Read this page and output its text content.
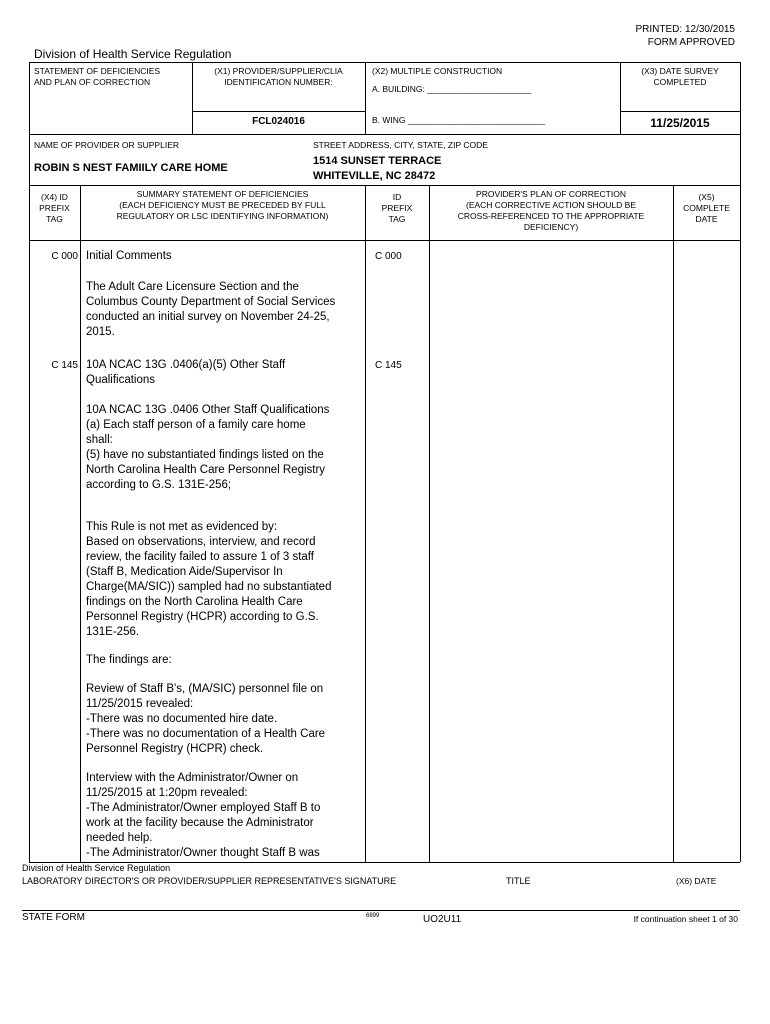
PRINTED: 12/30/2015
FORM APPROVED
Division of Health Service Regulation
STATEMENT OF DEFICIENCIES
AND PLAN OF CORRECTION
(X1) PROVIDER/SUPPLIER/CLIA
IDENTIFICATION NUMBER:
FCL024016
(X2) MULTIPLE CONSTRUCTION
A. BUILDING: ______________________
B. WING _____________________________
(X3) DATE SURVEY
COMPLETED
11/25/2015
NAME OF PROVIDER OR SUPPLIER
ROBIN S NEST FAMIILY CARE HOME
STREET ADDRESS, CITY, STATE, ZIP CODE
1514 SUNSET TERRACE
WHITEVILLE, NC 28472
(X4) ID
PREFIX
TAG
SUMMARY STATEMENT OF DEFICIENCIES
(EACH DEFICIENCY MUST BE PRECEDED BY FULL
REGULATORY OR LSC IDENTIFYING INFORMATION)
ID
PREFIX
TAG
PROVIDER'S PLAN OF CORRECTION
(EACH CORRECTIVE ACTION SHOULD BE
CROSS-REFERENCED TO THE APPROPRIATE
DEFICIENCY)
(X5)
COMPLETE
DATE
C 000	C 000
Initial Comments
The Adult Care Licensure Section and the
Columbus County Department of Social Services
conducted an initial survey on November 24-25,
2015.
C 145	C 145
10A NCAC 13G .0406(a)(5) Other Staff
Qualifications
10A NCAC 13G .0406 Other Staff Qualifications
(a) Each staff person of a family care home
shall:
(5) have no substantiated findings listed on the
North Carolina Health Care Personnel Registry
according to G.S. 131E-256;
This Rule is not met as evidenced by:
Based on observations, interview, and record
review, the facility failed to assure 1 of 3 staff
(Staff B, Medication Aide/Supervisor In
Charge(MA/SIC)) sampled had no substantiated
findings on the North Carolina Health Care
Personnel Registry (HCPR) according to G.S.
131E-256.
The findings are:
Review of Staff B's, (MA/SIC) personnel file on
11/25/2015 revealed:
-There was no documented hire date.
-There was no documentation of a Health Care
Personnel Registry (HCPR) check.
Interview with the Administrator/Owner on
11/25/2015 at 1:20pm revealed:
-The Administrator/Owner employed Staff B to
work at the facility because the Administrator
needed help.
-The Administrator/Owner thought Staff B was
Division of Health Service Regulation
LABORATORY DIRECTOR'S OR PROVIDER/SUPPLIER REPRESENTATIVE'S SIGNATURE	TITLE	(X6) DATE
STATE FORM	6899	UO2U11	If continuation sheet 1 of 30
